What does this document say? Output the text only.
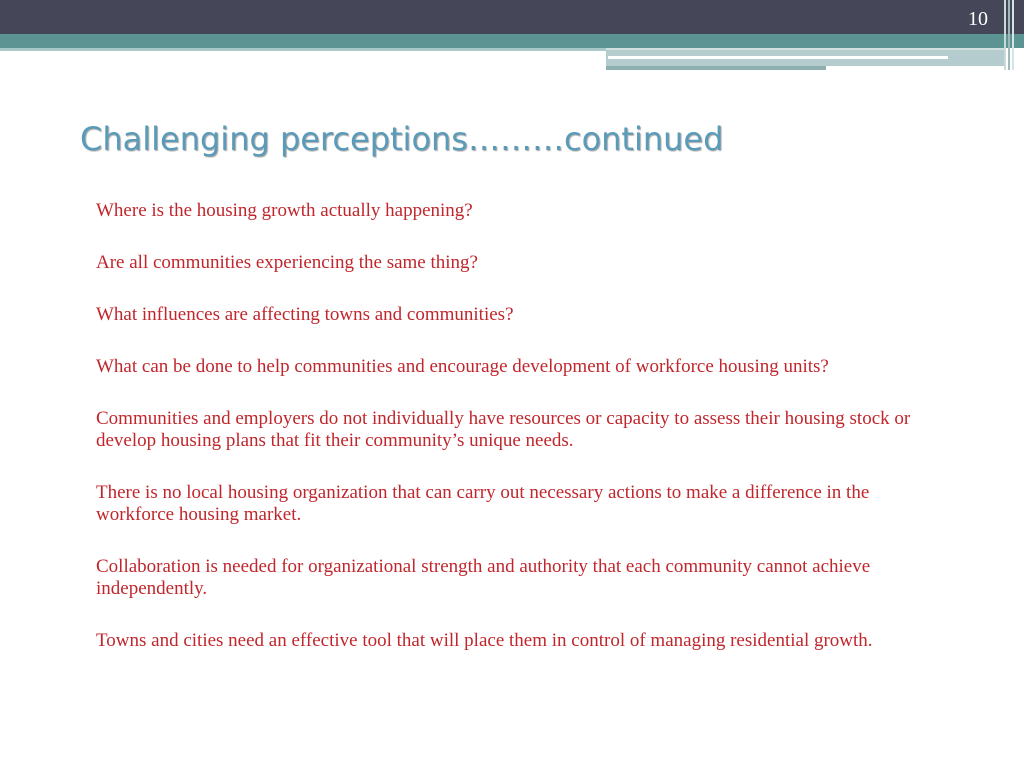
10
Challenging perceptions………continued
Where is the housing growth actually happening?
Are all communities experiencing the same thing?
What influences are affecting towns and communities?
What can be done to help communities and encourage development of workforce housing units?
Communities and employers do not individually have resources or capacity to assess their housing stock or develop housing plans that fit their community’s unique needs.
There is no local housing organization that can carry out necessary actions to make a difference in the workforce housing market.
Collaboration is needed for organizational strength and authority that each community cannot achieve independently.
Towns and cities need an effective tool that will place them in control of managing residential growth.
